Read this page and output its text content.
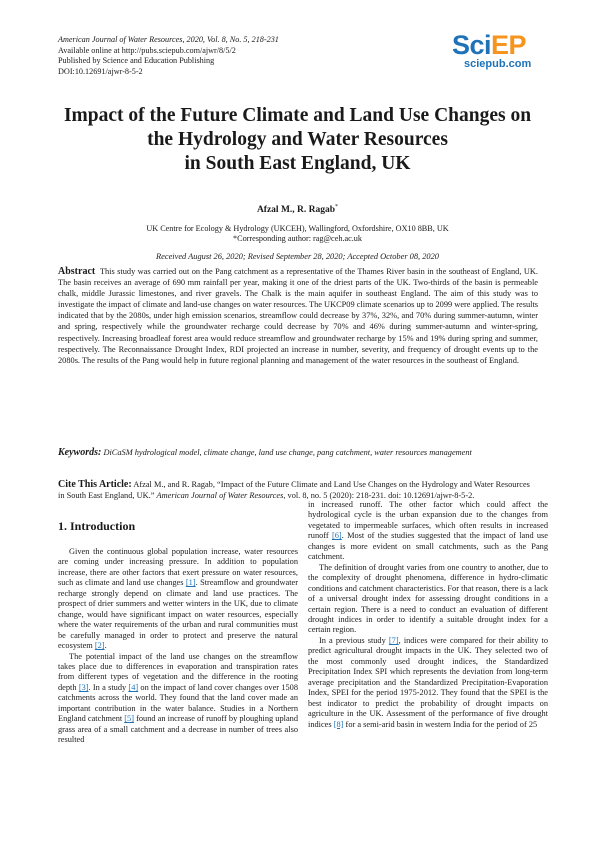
American Journal of Water Resources, 2020, Vol. 8, No. 5, 218-231
Available online at http://pubs.sciepub.com/ajwr/8/5/2
Published by Science and Education Publishing
DOI:10.12691/ajwr-8-5-2
SciEP
sciepub.com
Impact of the Future Climate and Land Use Changes on
the Hydrology and Water Resources
in South East England, UK
Afzal M., R. Ragab*
UK Centre for Ecology & Hydrology (UKCEH), Wallingford, Oxfordshire, OX10 8BB, UK
*Corresponding author: rag@ceh.ac.uk
Received August 26, 2020; Revised September 28, 2020; Accepted October 08, 2020
Abstract This study was carried out on the Pang catchment as a representative of the Thames River basin in the southeast of England, UK. The basin receives an average of 690 mm rainfall per year, making it one of the driest parts of the UK. Two-thirds of the basin is permeable chalk, middle Jurassic limestones, and river gravels. The Chalk is the main aquifer in southeast England. The aim of this study was to investigate the impact of climate and land-use changes on water resources. The UKCP09 climate scenarios up to 2099 were applied. The results indicated that by the 2080s, under high emission scenarios, streamflow could decrease by 37%, 32%, and 70% during summer-autumn, winter and spring, respectively while the groundwater recharge could decrease by 70% and 46% during summer-autumn and winter-spring, respectively. Increasing broadleaf forest area would reduce streamflow and groundwater recharge by 15% and 19% during spring and summer, respectively. The Reconnaissance Drought Index, RDI projected an increase in number, severity, and frequency of drought events up to the 2080s. The results of the Pang would help in future regional planning and management of the water resources in the southeast of England.
Keywords: DiCaSM hydrological model, climate change, land use change, pang catchment, water resources management
Cite This Article: Afzal M., and R. Ragab, “Impact of the Future Climate and Land Use Changes on the Hydrology and Water Resources in South East England, UK.” American Journal of Water Resources, vol. 8, no. 5 (2020): 218-231. doi: 10.12691/ajwr-8-5-2.
1. Introduction

Given the continuous global population increase, water resources are coming under increasing pressure. In addition to population increase, there are other factors that exert pressure on water resources, such as climate and land use changes [1]. Streamflow and groundwater recharge strongly depend on climate and land use practices. The prospect of drier summers and wetter winters in the UK, due to climate change, would have significant impact on water resources, especially where the water requirements of the urban and rural communities must be carefully managed in order to protect and preserve the natural ecosystem [2].

The potential impact of the land use changes on the streamflow takes place due to differences in evaporation and transpiration rates from different types of vegetation and the difference in the rooting depth [3]. In a study [4] on the impact of land cover changes over 1508 catchments across the world. They found that the land cover made an important contribution in the water balance. Studies in a Northern England catchment [5] found an increase of runoff by ploughing upland grass area of a small catchment and a decrease in number of trees also resulted

in increased runoff. The other factor which could affect the hydrological cycle is the urban expansion due to the changes from vegetated to impermeable surfaces, which often results in increased runoff [6]. Most of the studies suggested that the impact of land use changes is more evident on small catchments, such as the Pang catchment.

The definition of drought varies from one country to another, due to the complexity of drought phenomena, difference in hydro-climatic conditions and catchment characteristics. For that reason, there is a lack of a universal drought index for assessing drought conditions in a certain region. There is a need to conduct an evaluation of different drought indices in order to identify a suitable drought index for a certain region.

In a previous study [7], indices were compared for their ability to predict agricultural drought impacts in the UK. They selected two of the most commonly used drought indices, the Standardized Precipitation Index SPI which represents the deviation from long-term average precipitation and the Standardized Precipitation-Evaporation Index, SPEI for the period 1975-2012. They found that the SPEI is the best indicator to predict the probability of drought impacts on agriculture in the UK. Assessment of the performance of five drought indices [8] for a semi-arid basin in western India for the period of 25
